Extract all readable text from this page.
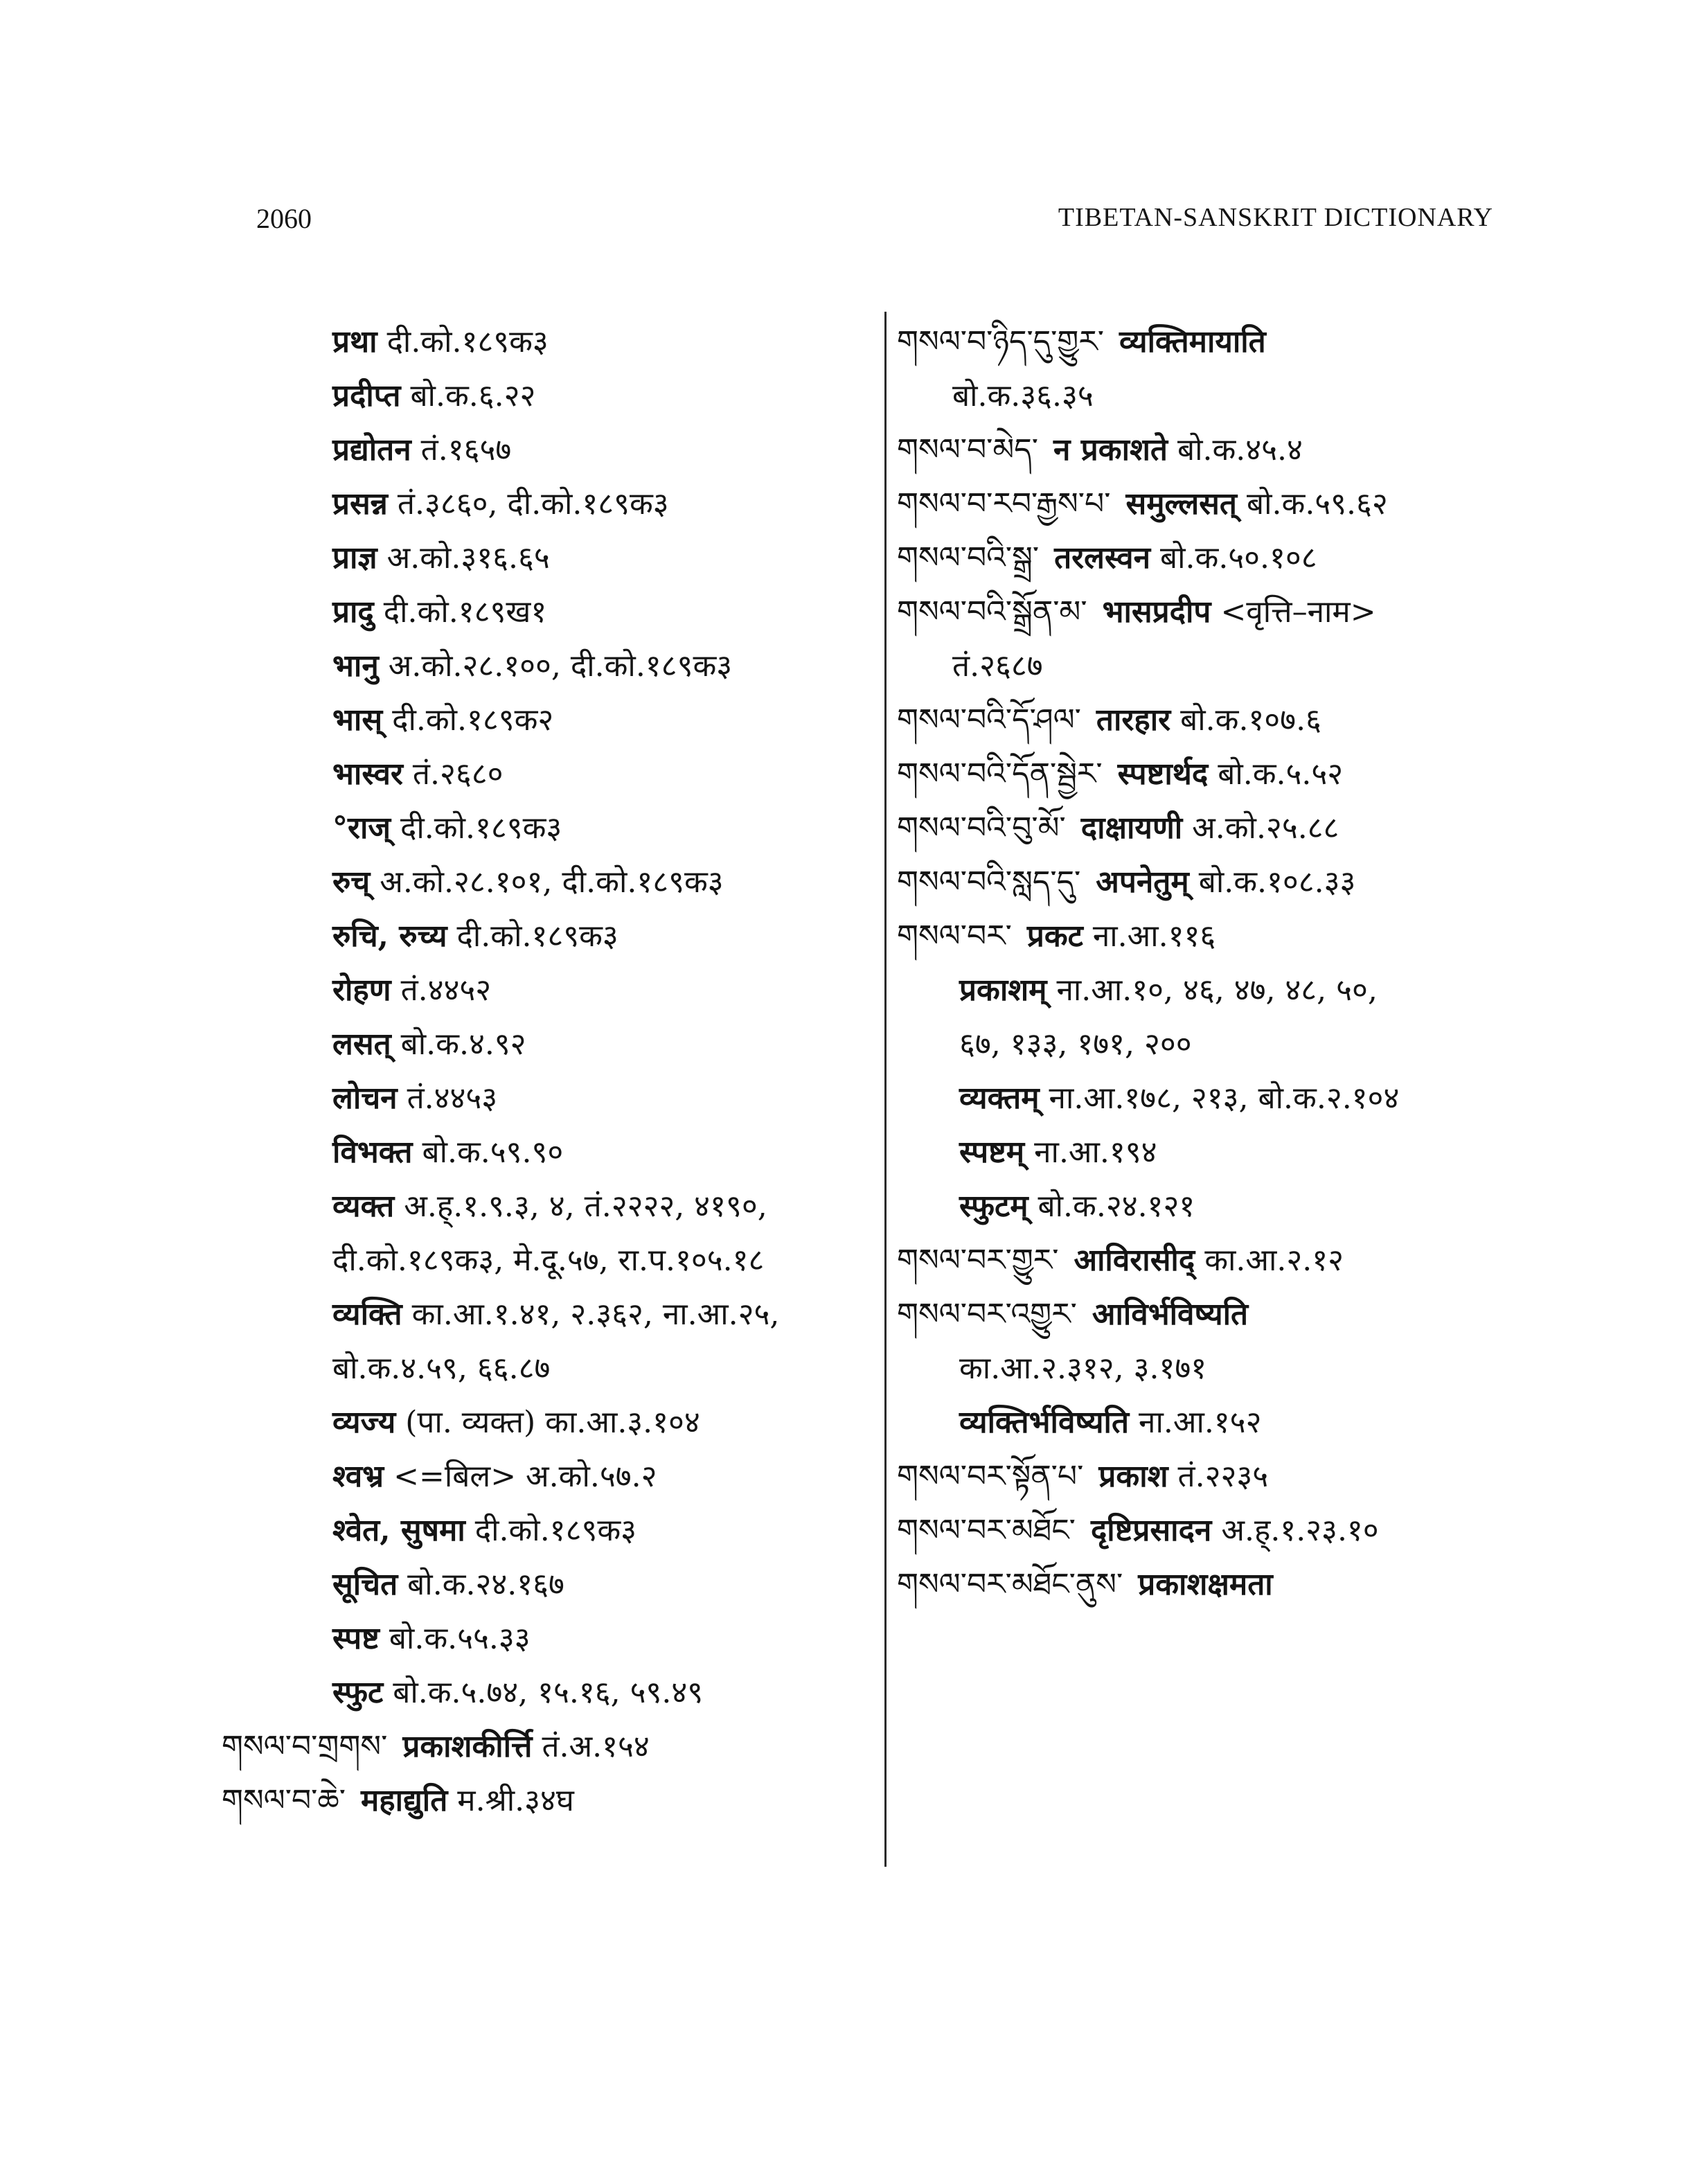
2060	TIBETAN-SANSKRIT DICTIONARY
प्रथा दी.को.१८९क३
प्रदीप्त बो.क.६.२२
प्रद्योतन तं.१६५७
प्रसन्न तं.३८६०, दी.को.१८९क३
प्राज्ञ अ.को.३१६.६५
प्रादु दी.को.१८९ख१
भानु अ.को.२८.१००, दी.को.१८९क३
भास् दी.को.१८९क२
भास्वर तं.२६८०
°राज् दी.को.१८९क३
रुच् अ.को.२८.१०१, दी.को.१८९क३
रुचि, रुच्य दी.को.१८९क३
रोहण तं.४४५२
लसत् बो.क.४.९२
लोचन तं.४४५३
विभक्त बो.क.५९.९०
व्यक्त अ.ह्.१.९.३, ४, तं.२२२२, ४१९०,
दी.को.१८९क३, मे.दू.५७, रा.प.१०५.१८
व्यक्ति का.आ.१.४१, २.३६२, ना.आ.२५,
बो.क.४.५९, ६६.८७
व्यज्य (पा. व्यक्त) का.आ.३.१०४
श्वभ्र <=बिल> अ.को.५७.२
श्वेत, सुषमा दी.को.१८९क३
सूचित बो.क.२४.१६७
स्पष्ट बो.क.५५.३३
स्फुट बो.क.५.७४, १५.१६, ५९.४९
གསལ་བ་གྲགས་ प्रकाशकीर्त्ति तं.अ.१५४
གསལ་བ་ཆེ་ महाद्युति म.श्री.३४घ
གསལ་བ་ཉིད་དུ་གྱུར་ व्यक्तिमायाति
बो.क.३६.३५
གསལ་བ་མེད་ न प्रकाशते बो.क.४५.४
གསལ་བ་རབ་རྒྱས་པ་ समुल्लसत् बो.क.५९.६२
གསལ་བའི་སྒྲ་ तरलस्वन बो.क.५०.१०८
གསལ་བའི་སྒྲོན་མ་ भासप्रदीप <वृत्ति–नाम>
तं.२६८७
གསལ་བའི་དོ་ཤལ་ तारहार बो.क.१०७.६
གསལ་བའི་དོན་སྦྱེར་ स्पष्टार्थद बो.क.५.५२
གསལ་བའི་བུ་མོ་ दाक्षायणी अ.को.२५.८८
གསལ་བའི་སླད་དུ་ अपनेतुम् बो.क.१०८.३३
གསལ་བར་ प्रकट ना.आ.११६
प्रकाशम् ना.आ.१०, ४६, ४७, ४८, ५०,
६७, १३३, १७१, २००
व्यक्तम् ना.आ.१७८, २१३, बो.क.२.१०४
स्पष्टम् ना.आ.१९४
स्फुटम् बो.क.२४.१२१
གསལ་བར་གྱུར་ आविरासीद् का.आ.२.१२
གསལ་བར་འགྱུར་ आविर्भविष्यति
का.आ.२.३१२, ३.१७१
व्यक्तिर्भविष्यति ना.आ.१५२
གསལ་བར་སྟོན་པ་ प्रकाश तं.२२३५
གསལ་བར་མཐོང་ दृष्टिप्रसादन अ.ह्.१.२३.१०
གསལ་བར་མཐོང་ནུས་ प्रकाशक्षमता
